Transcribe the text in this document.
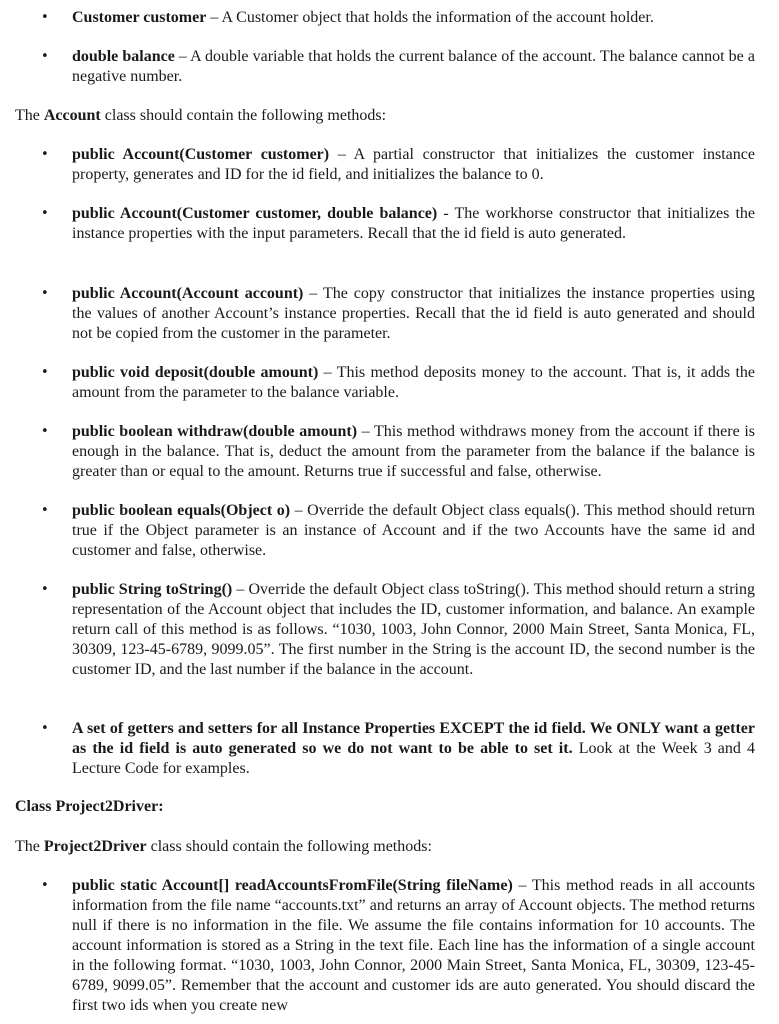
• Customer customer – A Customer object that holds the information of the account holder.
• double balance – A double variable that holds the current balance of the account. The balance cannot be a negative number.
The Account class should contain the following methods:
• public Account(Customer customer) – A partial constructor that initializes the customer instance property, generates and ID for the id field, and initializes the balance to 0.
• public Account(Customer customer, double balance) - The workhorse constructor that initializes the instance properties with the input parameters. Recall that the id field is auto generated.
• public Account(Account account) – The copy constructor that initializes the instance properties using the values of another Account’s instance properties. Recall that the id field is auto generated and should not be copied from the customer in the parameter.
• public void deposit(double amount) – This method deposits money to the account. That is, it adds the amount from the parameter to the balance variable.
• public boolean withdraw(double amount) – This method withdraws money from the account if there is enough in the balance. That is, deduct the amount from the parameter from the balance if the balance is greater than or equal to the amount. Returns true if successful and false, otherwise.
• public boolean equals(Object o) – Override the default Object class equals(). This method should return true if the Object parameter is an instance of Account and if the two Accounts have the same id and customer and false, otherwise.
• public String toString() – Override the default Object class toString(). This method should return a string representation of the Account object that includes the ID, customer information, and balance. An example return call of this method is as follows. “1030, 1003, John Connor, 2000 Main Street, Santa Monica, FL, 30309, 123-45-6789, 9099.05”. The first number in the String is the account ID, the second number is the customer ID, and the last number if the balance in the account.
• A set of getters and setters for all Instance Properties EXCEPT the id field. We ONLY want a getter as the id field is auto generated so we do not want to be able to set it. Look at the Week 3 and 4 Lecture Code for examples.
Class Project2Driver:
The Project2Driver class should contain the following methods:
• public static Account[] readAccountsFromFile(String fileName) – This method reads in all accounts information from the file name “accounts.txt” and returns an array of Account objects. The method returns null if there is no information in the file. We assume the file contains information for 10 accounts. The account information is stored as a String in the text file. Each line has the information of a single account in the following format. “1030, 1003, John Connor, 2000 Main Street, Santa Monica, FL, 30309, 123-45-6789, 9099.05”. Remember that the account and customer ids are auto generated. You should discard the first two ids when you create new
